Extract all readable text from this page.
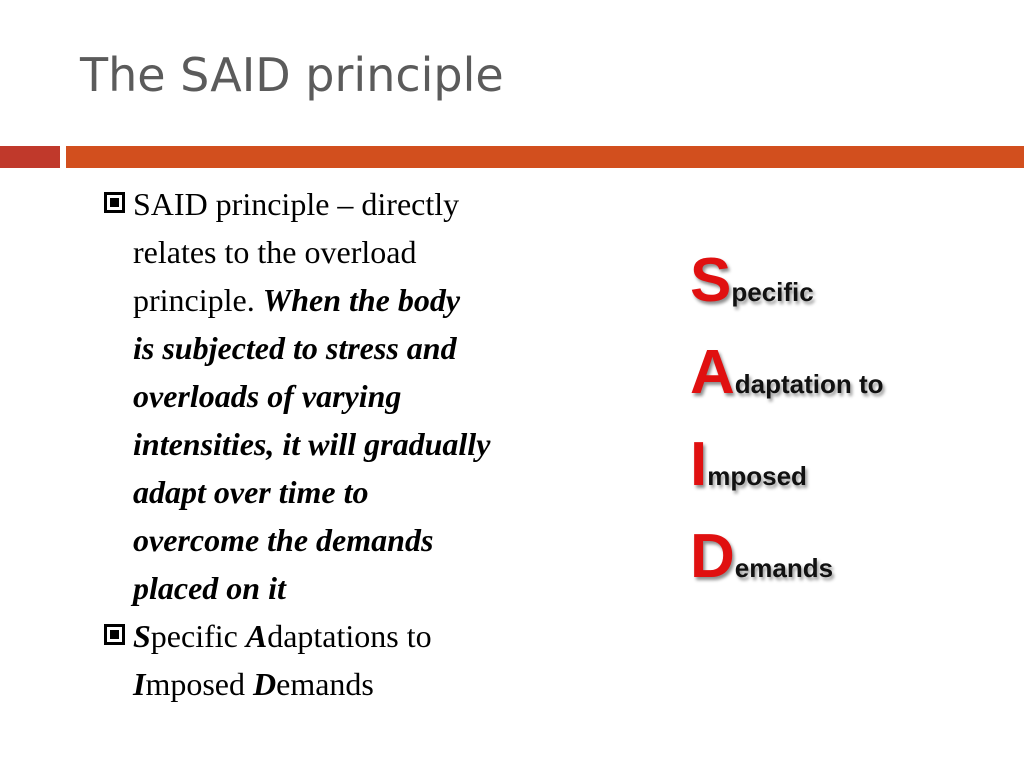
The SAID principle
SAID principle – directly
relates to the overload
principle. When the body
is subjected to stress and
overloads of varying
intensities, it will gradually
adapt over time to
overcome the demands
placed on it
Specific Adaptations to
Imposed Demands
Specific
Adaptation to
Imposed
Demands
